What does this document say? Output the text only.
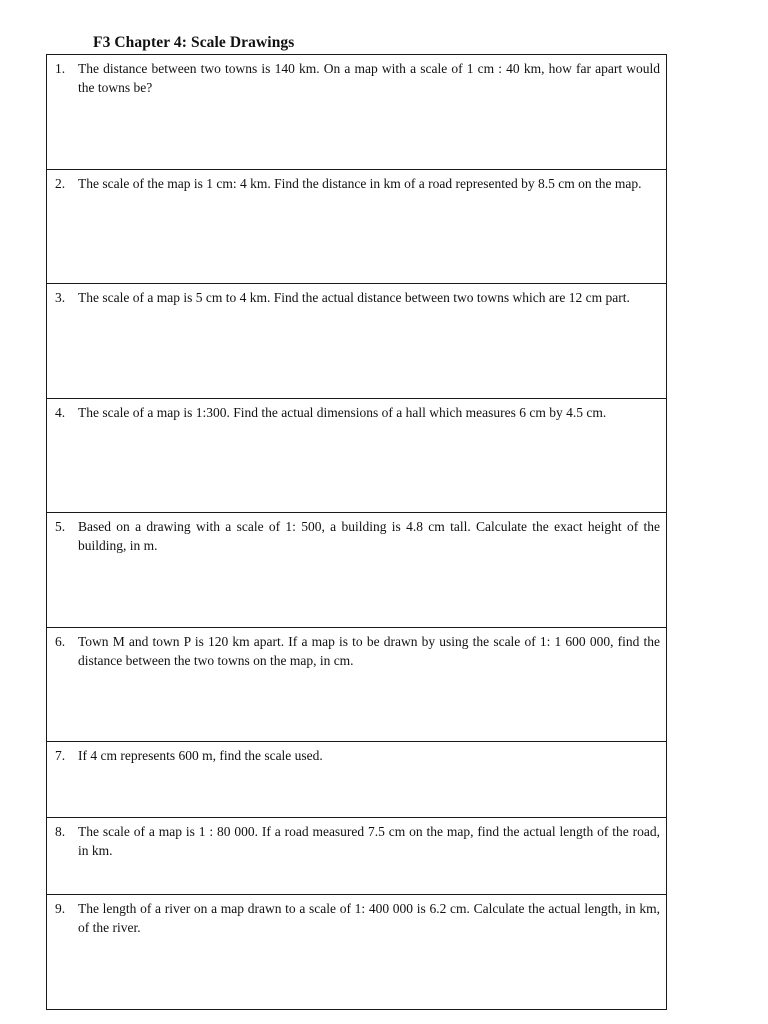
F3 Chapter 4: Scale Drawings
1. The distance between two towns is 140 km. On a map with a scale of 1 cm : 40 km, how far apart would the towns be?
2. The scale of the map is 1 cm: 4 km. Find the distance in km of a road represented by 8.5 cm on the map.
3. The scale of a map is 5 cm to 4 km. Find the actual distance between two towns which are 12 cm part.
4. The scale of a map is 1:300. Find the actual dimensions of a hall which measures 6 cm by 4.5 cm.
5. Based on a drawing with a scale of 1: 500, a building is 4.8 cm tall. Calculate the exact height of the building, in m.
6. Town M and town P is 120 km apart. If a map is to be drawn by using the scale of 1: 1 600 000, find the distance between the two towns on the map, in cm.
7. If 4 cm represents 600 m, find the scale used.
8. The scale of a map is 1 : 80 000. If a road measured 7.5 cm on the map, find the actual length of the road, in km.
9. The length of a river on a map drawn to a scale of 1: 400 000 is 6.2 cm. Calculate the actual length, in km, of the river.
